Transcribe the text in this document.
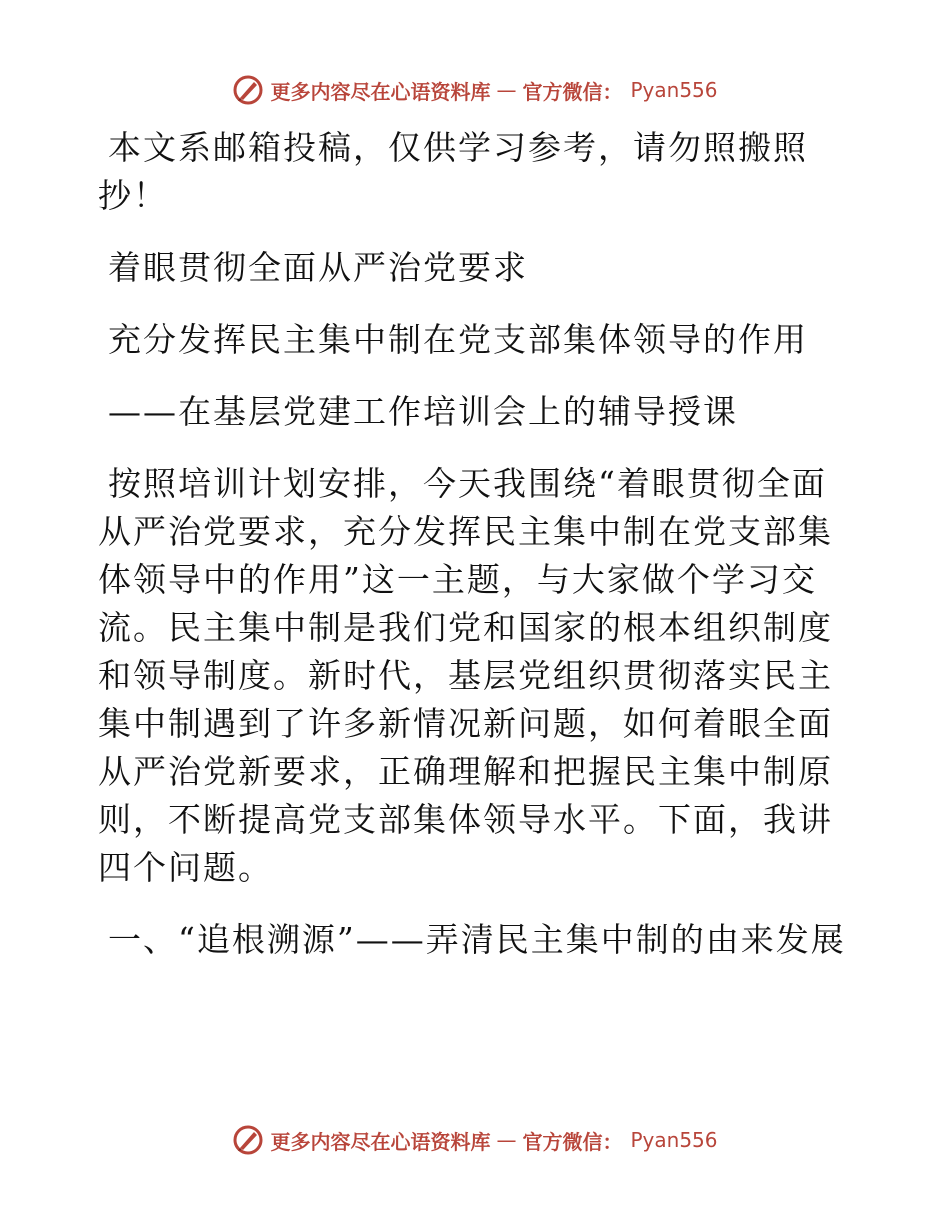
更多内容尽在心语资料库 — 官方微信： Pyan556

本文系邮箱投稿，仅供学习参考，请勿照搬照抄！

着眼贯彻全面从严治党要求

充分发挥民主集中制在党支部集体领导的作用

——在基层党建工作培训会上的辅导授课

按照培训计划安排，今天我围绕“着眼贯彻全面从严治党要求，充分发挥民主集中制在党支部集体领导中的作用”这一主题，与大家做个学习交流。民主集中制是我们党和国家的根本组织制度和领导制度。新时代，基层党组织贯彻落实民主集中制遇到了许多新情况新问题，如何着眼全面从严治党新要求，正确理解和把握民主集中制原则，不断提高党支部集体领导水平。下面，我讲四个问题。

一、“追根溯源”——弄清民主集中制的由来发展

更多内容尽在心语资料库 — 官方微信： Pyan556
